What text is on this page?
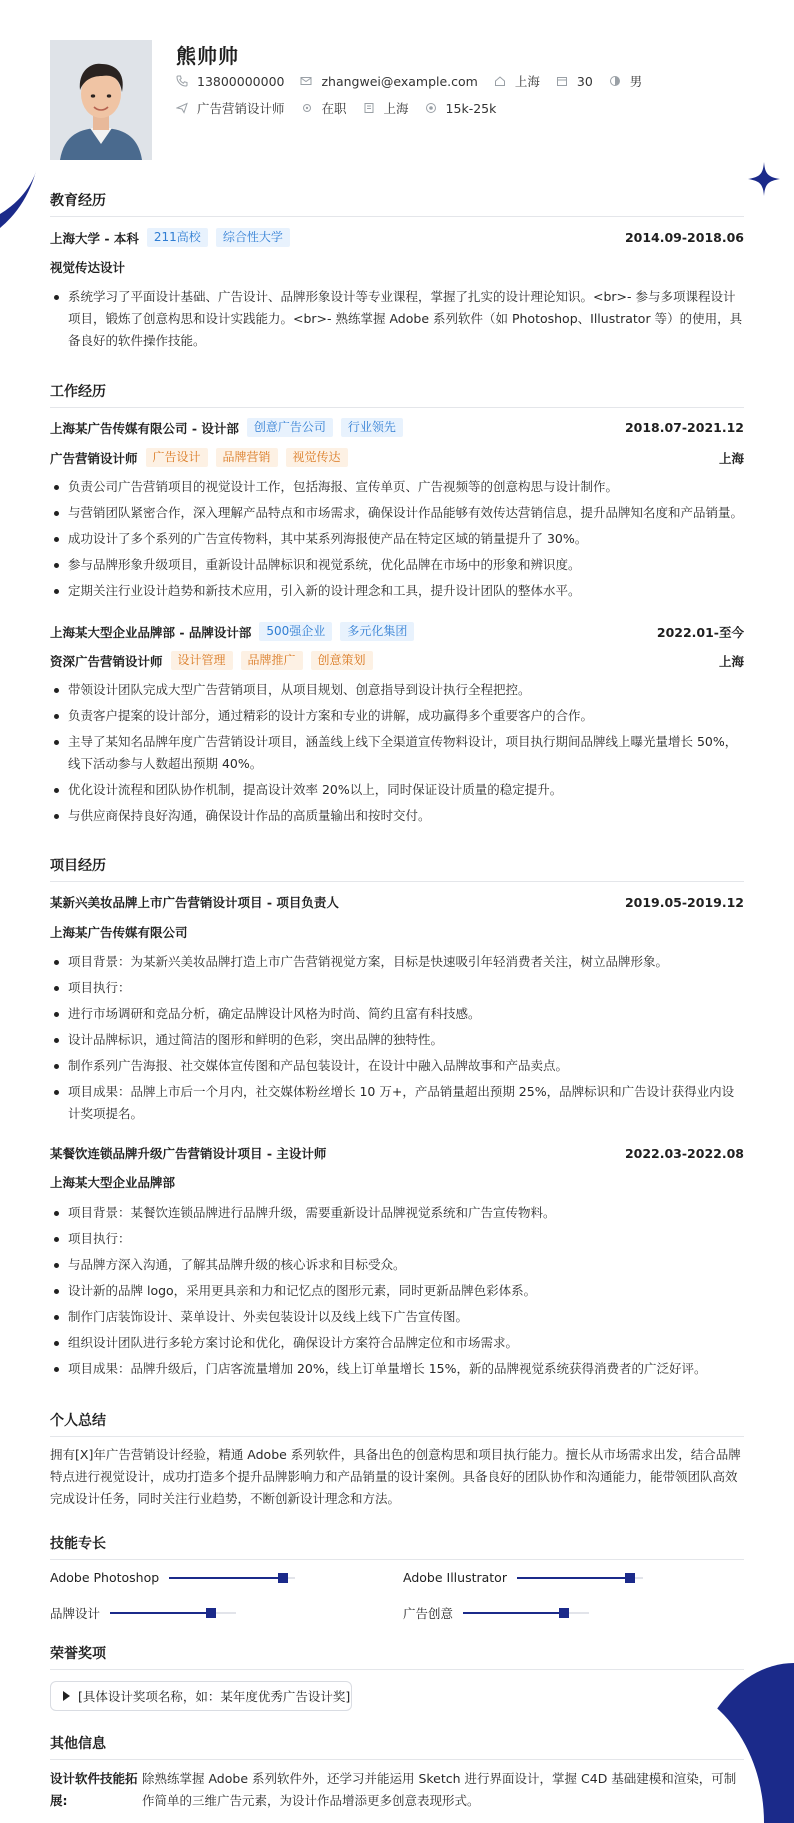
熊帅帅
13800000000	zhangwei@example.com	上海	30	男
广告营销设计师	在职	上海	15k-25k
教育经历
上海大学 - 本科	211高校	综合性大学	2014.09-2018.06
视觉传达设计
系统学习了平面设计基础、广告设计、品牌形象设计等专业课程，掌握了扎实的设计理论知识。<br>- 参与多项课程设计项目，锻炼了创意构思和设计实践能力。<br>- 熟练掌握 Adobe 系列软件（如 Photoshop、Illustrator 等）的使用，具备良好的软件操作技能。
工作经历
上海某广告传媒有限公司 - 设计部	创意广告公司	行业领先	2018.07-2021.12
广告营销设计师	广告设计	品牌营销	视觉传达	上海
负责公司广告营销项目的视觉设计工作，包括海报、宣传单页、广告视频等的创意构思与设计制作。
与营销团队紧密合作，深入理解产品特点和市场需求，确保设计作品能够有效传达营销信息，提升品牌知名度和产品销量。
成功设计了多个系列的广告宣传物料，其中某系列海报使产品在特定区域的销量提升了 30%。
参与品牌形象升级项目，重新设计品牌标识和视觉系统，优化品牌在市场中的形象和辨识度。
定期关注行业设计趋势和新技术应用，引入新的设计理念和工具，提升设计团队的整体水平。
上海某大型企业品牌部 - 品牌设计部	500强企业	多元化集团	2022.01-至今
资深广告营销设计师	设计管理	品牌推广	创意策划	上海
带领设计团队完成大型广告营销项目，从项目规划、创意指导到设计执行全程把控。
负责客户提案的设计部分，通过精彩的设计方案和专业的讲解，成功赢得多个重要客户的合作。
主导了某知名品牌年度广告营销设计项目，涵盖线上线下全渠道宣传物料设计，项目执行期间品牌线上曝光量增长 50%，线下活动参与人数超出预期 40%。
优化设计流程和团队协作机制，提高设计效率 20%以上，同时保证设计质量的稳定提升。
与供应商保持良好沟通，确保设计作品的高质量输出和按时交付。
项目经历
某新兴美妆品牌上市广告营销设计项目 - 项目负责人	2019.05-2019.12
上海某广告传媒有限公司
项目背景：为某新兴美妆品牌打造上市广告营销视觉方案，目标是快速吸引年轻消费者关注，树立品牌形象。
项目执行：
进行市场调研和竞品分析，确定品牌设计风格为时尚、简约且富有科技感。
设计品牌标识，通过简洁的图形和鲜明的色彩，突出品牌的独特性。
制作系列广告海报、社交媒体宣传图和产品包装设计，在设计中融入品牌故事和产品卖点。
项目成果：品牌上市后一个月内，社交媒体粉丝增长 10 万+，产品销量超出预期 25%，品牌标识和广告设计获得业内设计奖项提名。
某餐饮连锁品牌升级广告营销设计项目 - 主设计师	2022.03-2022.08
上海某大型企业品牌部
项目背景：某餐饮连锁品牌进行品牌升级，需要重新设计品牌视觉系统和广告宣传物料。
项目执行：
与品牌方深入沟通，了解其品牌升级的核心诉求和目标受众。
设计新的品牌 logo，采用更具亲和力和记忆点的图形元素，同时更新品牌色彩体系。
制作门店装饰设计、菜单设计、外卖包装设计以及线上线下广告宣传图。
组织设计团队进行多轮方案讨论和优化，确保设计方案符合品牌定位和市场需求。
项目成果：品牌升级后，门店客流量增加 20%，线上订单量增长 15%，新的品牌视觉系统获得消费者的广泛好评。
个人总结
拥有[X]年广告营销设计经验，精通 Adobe 系列软件，具备出色的创意构思和项目执行能力。擅长从市场需求出发，结合品牌特点进行视觉设计，成功打造多个提升品牌影响力和产品销量的设计案例。具备良好的团队协作和沟通能力，能带领团队高效完成设计任务，同时关注行业趋势，不断创新设计理念和方法。
技能专长
Adobe Photoshop	Adobe Illustrator
品牌设计	广告创意
荣誉奖项
[具体设计奖项名称，如：某年度优秀广告设计奖]
其他信息
设计软件技能拓展:
除熟练掌握 Adobe 系列软件外，还学习并能运用 Sketch 进行界面设计，掌握 C4D 基础建模和渲染，可制作简单的三维广告元素，为设计作品增添更多创意表现形式。
